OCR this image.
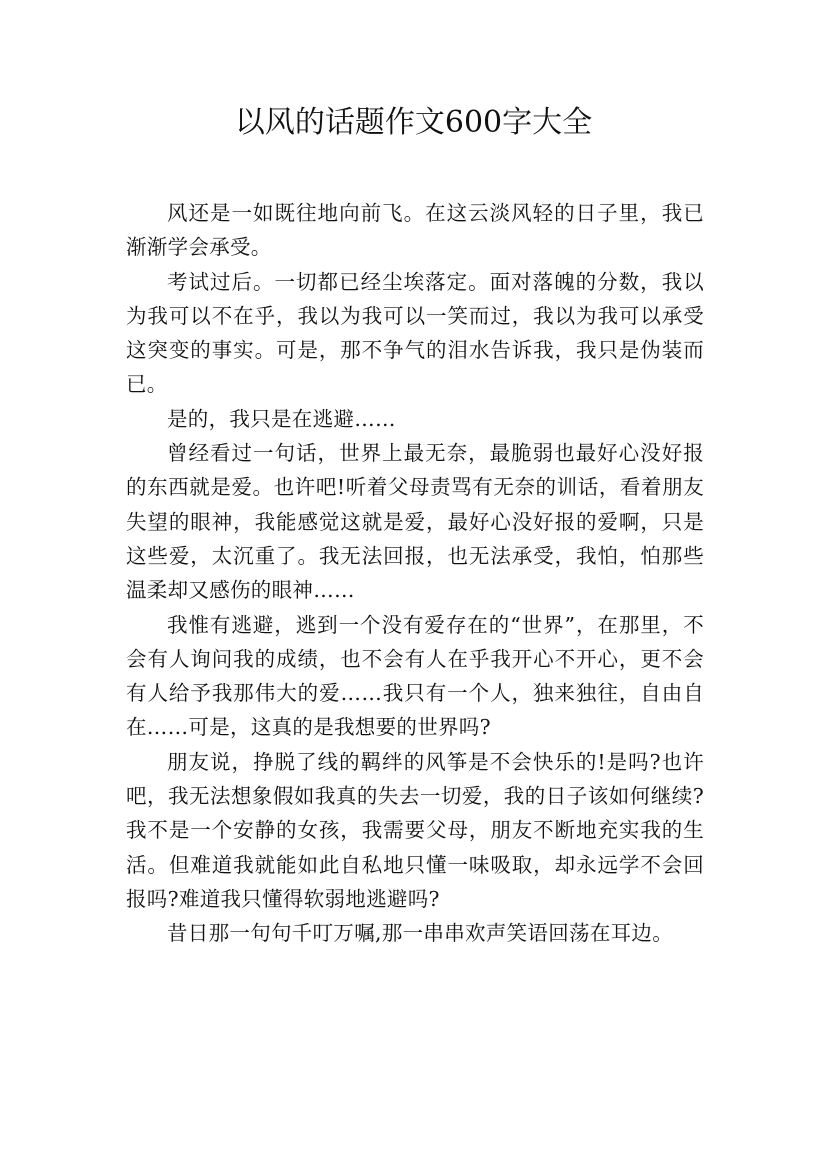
以风的话题作文600字大全

风还是一如既往地向前飞。在这云淡风轻的日子里，我已渐渐学会承受。

考试过后。一切都已经尘埃落定。面对落魄的分数，我以为我可以不在乎，我以为我可以一笑而过，我以为我可以承受这突变的事实。可是，那不争气的泪水告诉我，我只是伪装而已。

是的，我只是在逃避……

曾经看过一句话，世界上最无奈，最脆弱也最好心没好报的东西就是爱。也许吧!听着父母责骂有无奈的训话，看着朋友失望的眼神，我能感觉这就是爱，最好心没好报的爱啊，只是这些爱，太沉重了。我无法回报，也无法承受，我怕，怕那些温柔却又感伤的眼神……

我惟有逃避，逃到一个没有爱存在的“世界”，在那里，不会有人询问我的成绩，也不会有人在乎我开心不开心，更不会有人给予我那伟大的爱……我只有一个人，独来独往，自由自在……可是，这真的是我想要的世界吗?

朋友说，挣脱了线的羁绊的风筝是不会快乐的!是吗?也许吧，我无法想象假如我真的失去一切爱，我的日子该如何继续?我不是一个安静的女孩，我需要父母，朋友不断地充实我的生活。但难道我就能如此自私地只懂一味吸取，却永远学不会回报吗?难道我只懂得软弱地逃避吗?

昔日那一句句千叮万嘱,那一串串欢声笑语回荡在耳边。
